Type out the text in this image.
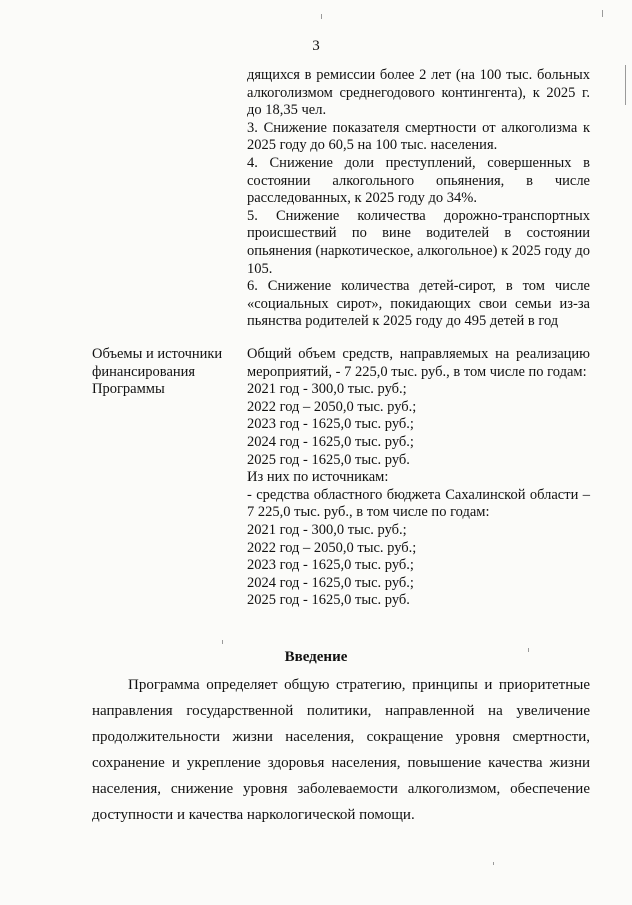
3

дящихся в ремиссии более 2 лет (на 100 тыс. больных алкоголизмом среднегодового контингента), к 2025 г. до 18,35 чел.

3. Снижение показателя смертности от алкоголизма к 2025 году до 60,5 на 100 тыс. населения.

4. Снижение доли преступлений, совершенных в состоянии алкогольного опьянения, в числе расследованных, к 2025 году до 34%.

5. Снижение количества дорожно-транспортных происшествий по вине водителей в состоянии опьянения (наркотическое, алкогольное) к 2025 году до 105.

6. Снижение количества детей-сирот, в том числе «социальных сирот», покидающих свои семьи из-за пьянства родителей к 2025 году до 495 детей в год

Объемы и источники финансирования Программы

Общий объем средств, направляемых на реализацию мероприятий, - 7 225,0 тыс. руб., в том числе по годам:

2021 год - 300,0 тыс. руб.;

2022 год – 2050,0 тыс. руб.;

2023 год - 1625,0 тыс. руб.;

2024 год - 1625,0 тыс. руб.;

2025 год - 1625,0 тыс. руб.

Из них по источникам:

- средства областного бюджета Сахалинской области – 7 225,0 тыс. руб., в том числе по годам:

2021 год - 300,0 тыс. руб.;

2022 год – 2050,0 тыс. руб.;

2023 год - 1625,0 тыс. руб.;

2024 год - 1625,0 тыс. руб.;

2025 год - 1625,0 тыс. руб.

Введение

Программа определяет общую стратегию, принципы и приоритетные направления государственной политики, направленной на увеличение продолжительности жизни населения, сокращение уровня смертности, сохранение и укрепление здоровья населения, повышение качества жизни населения, снижение уровня заболеваемости алкоголизмом, обеспечение доступности и качества наркологической помощи.
